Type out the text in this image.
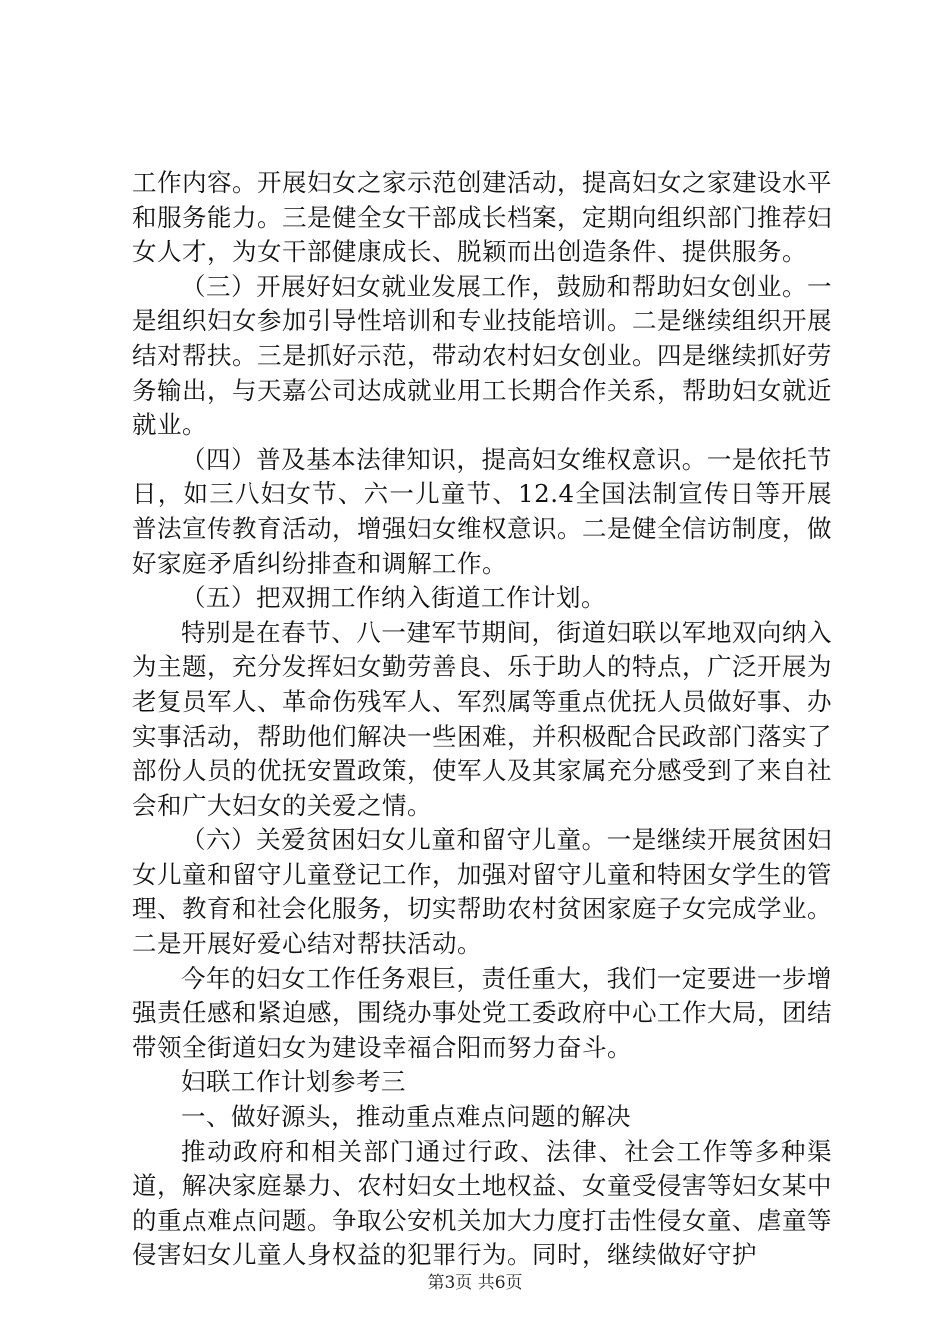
工作内容。开展妇女之家示范创建活动，提高妇女之家建设水平和服务能力。三是健全女干部成长档案，定期向组织部门推荐妇女人才，为女干部健康成长、脱颖而出创造条件、提供服务。

（三）开展好妇女就业发展工作，鼓励和帮助妇女创业。一是组织妇女参加引导性培训和专业技能培训。二是继续组织开展结对帮扶。三是抓好示范，带动农村妇女创业。四是继续抓好劳务输出，与天嘉公司达成就业用工长期合作关系，帮助妇女就近就业。

（四）普及基本法律知识，提高妇女维权意识。一是依托节日，如三八妇女节、六一儿童节、12.4全国法制宣传日等开展普法宣传教育活动，增强妇女维权意识。二是健全信访制度，做好家庭矛盾纠纷排查和调解工作。

（五）把双拥工作纳入街道工作计划。

特别是在春节、八一建军节期间，街道妇联以军地双向纳入为主题，充分发挥妇女勤劳善良、乐于助人的特点，广泛开展为老复员军人、革命伤残军人、军烈属等重点优抚人员做好事、办实事活动，帮助他们解决一些困难，并积极配合民政部门落实了部份人员的优抚安置政策，使军人及其家属充分感受到了来自社会和广大妇女的关爱之情。

（六）关爱贫困妇女儿童和留守儿童。一是继续开展贫困妇女儿童和留守儿童登记工作，加强对留守儿童和特困女学生的管理、教育和社会化服务，切实帮助农村贫困家庭子女完成学业。二是开展好爱心结对帮扶活动。

今年的妇女工作任务艰巨，责任重大，我们一定要进一步增强责任感和紧迫感，围绕办事处党工委政府中心工作大局，团结带领全街道妇女为建设幸福合阳而努力奋斗。

妇联工作计划参考三

一、做好源头，推动重点难点问题的解决

推动政府和相关部门通过行政、法律、社会工作等多种渠道，解决家庭暴力、农村妇女土地权益、女童受侵害等妇女某中的重点难点问题。争取公安机关加大力度打击性侵女童、虐童等侵害妇女儿童人身权益的犯罪行为。同时，继续做好守护

第3页 共6页
